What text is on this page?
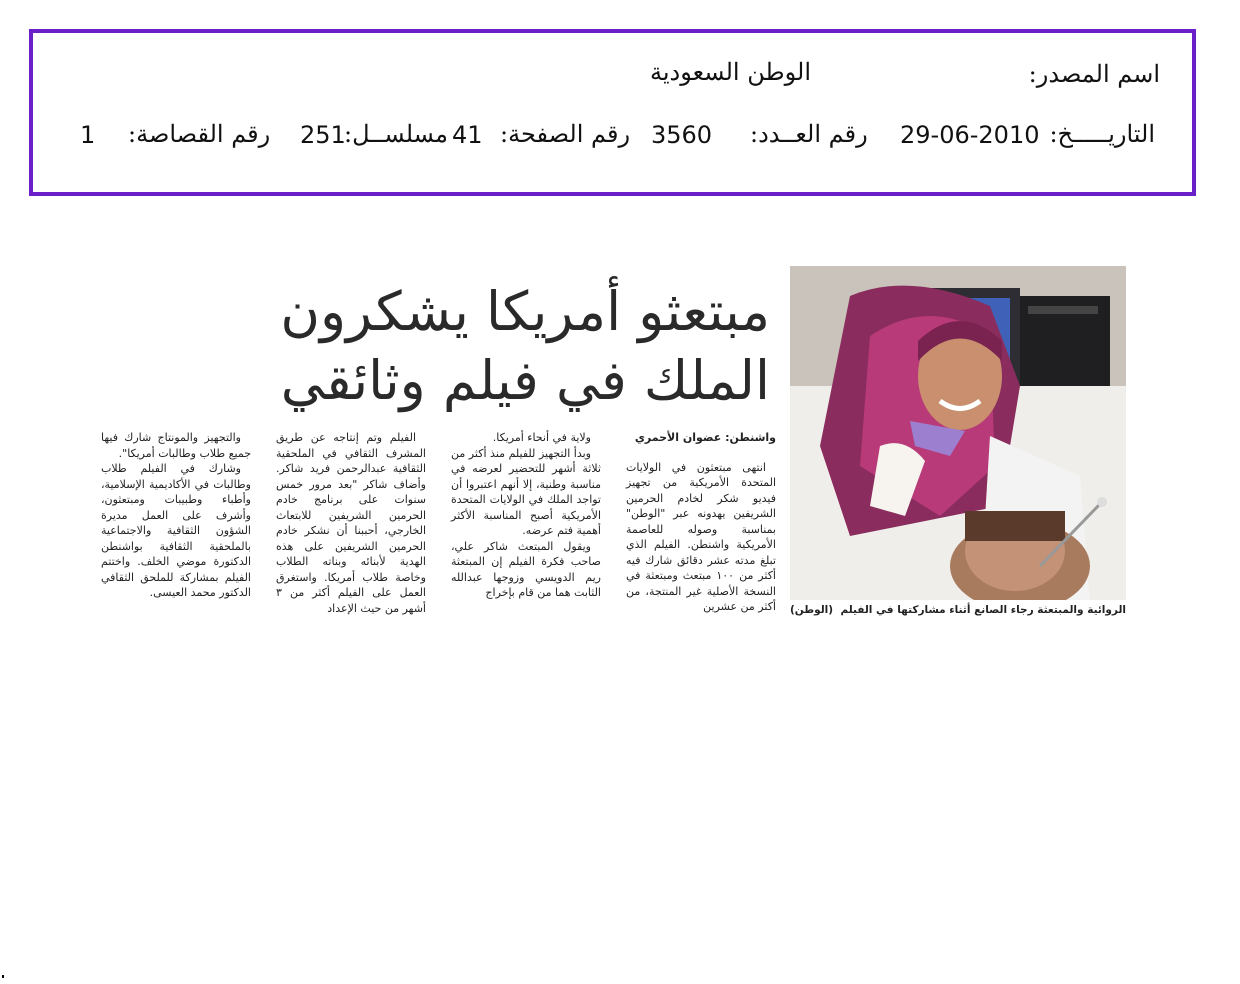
اسم المصدر:
الوطن السعودية
التاريـــــخ:
29-06-2010
رقم العــدد:
3560
رقم الصفحة:
41
مسلســل:
251
رقم القصاصة:
1
مبتعثو أمريكا يشكرون
الملك في فيلم وثائقي
(الوطن) الروائية والمبتعثة رجاء الصانع أثناء مشاركتها في الفيلم

واشنطن: عضوان الأحمري

انتهى مبتعثون في الولايات المتحدة الأمريكية من تجهيز فيديو شكر لخادم الحرمين الشريفين يهدونه عبر "الوطن" بمناسبة وصوله للعاصمة الأمريكية واشنطن. الفيلم الذي تبلغ مدته عشر دقائق شارك فيه أكثر من ١٠٠ مبتعث ومبتعثة في النسخة الأصلية غير المنتجة، من أكثر من عشرين

ولاية في أنحاء أمريكا.

وبدأ التجهيز للفيلم منذ أكثر من ثلاثة أشهر للتحضير لعرضه في مناسبة وطنية، إلا أنهم اعتبروا أن تواجد الملك في الولايات المتحدة الأمريكية أصبح المناسبة الأكثر أهمية فتم عرضه.

ويقول المبتعث شاكر علي، صاحب فكرة الفيلم إن المبتعثة ريم الدويسي وزوجها عبدالله الثابت هما من قام بإخراج

الفيلم وتم إنتاجه عن طريق المشرف الثقافي في الملحقية الثقافية عبدالرحمن فريد شاكر. وأضاف شاكر "بعد مرور خمس سنوات على برنامج خادم الحرمين الشريفين للابتعاث الخارجي، أحببنا أن نشكر خادم الحرمين الشريفين على هذه الهدية لأبنائه وبناته الطلاب وخاصة طلاب أمريكا. واستغرق العمل على الفيلم أكثر من ٣ أشهر من حيث الإعداد

والتجهيز والمونتاج شارك فيها جميع طلاب وطالبات أمريكا".

وشارك في الفيلم طلاب وطالبات في الأكاديمية الإسلامية، وأطباء وطبيبات ومبتعثون، وأشرف على العمل مديرة الشؤون الثقافية والاجتماعية بالملحقية الثقافية بواشنطن الدكتورة موضي الخلف. واختتم الفيلم بمشاركة للملحق الثقافي الدكتور محمد العيسى.
